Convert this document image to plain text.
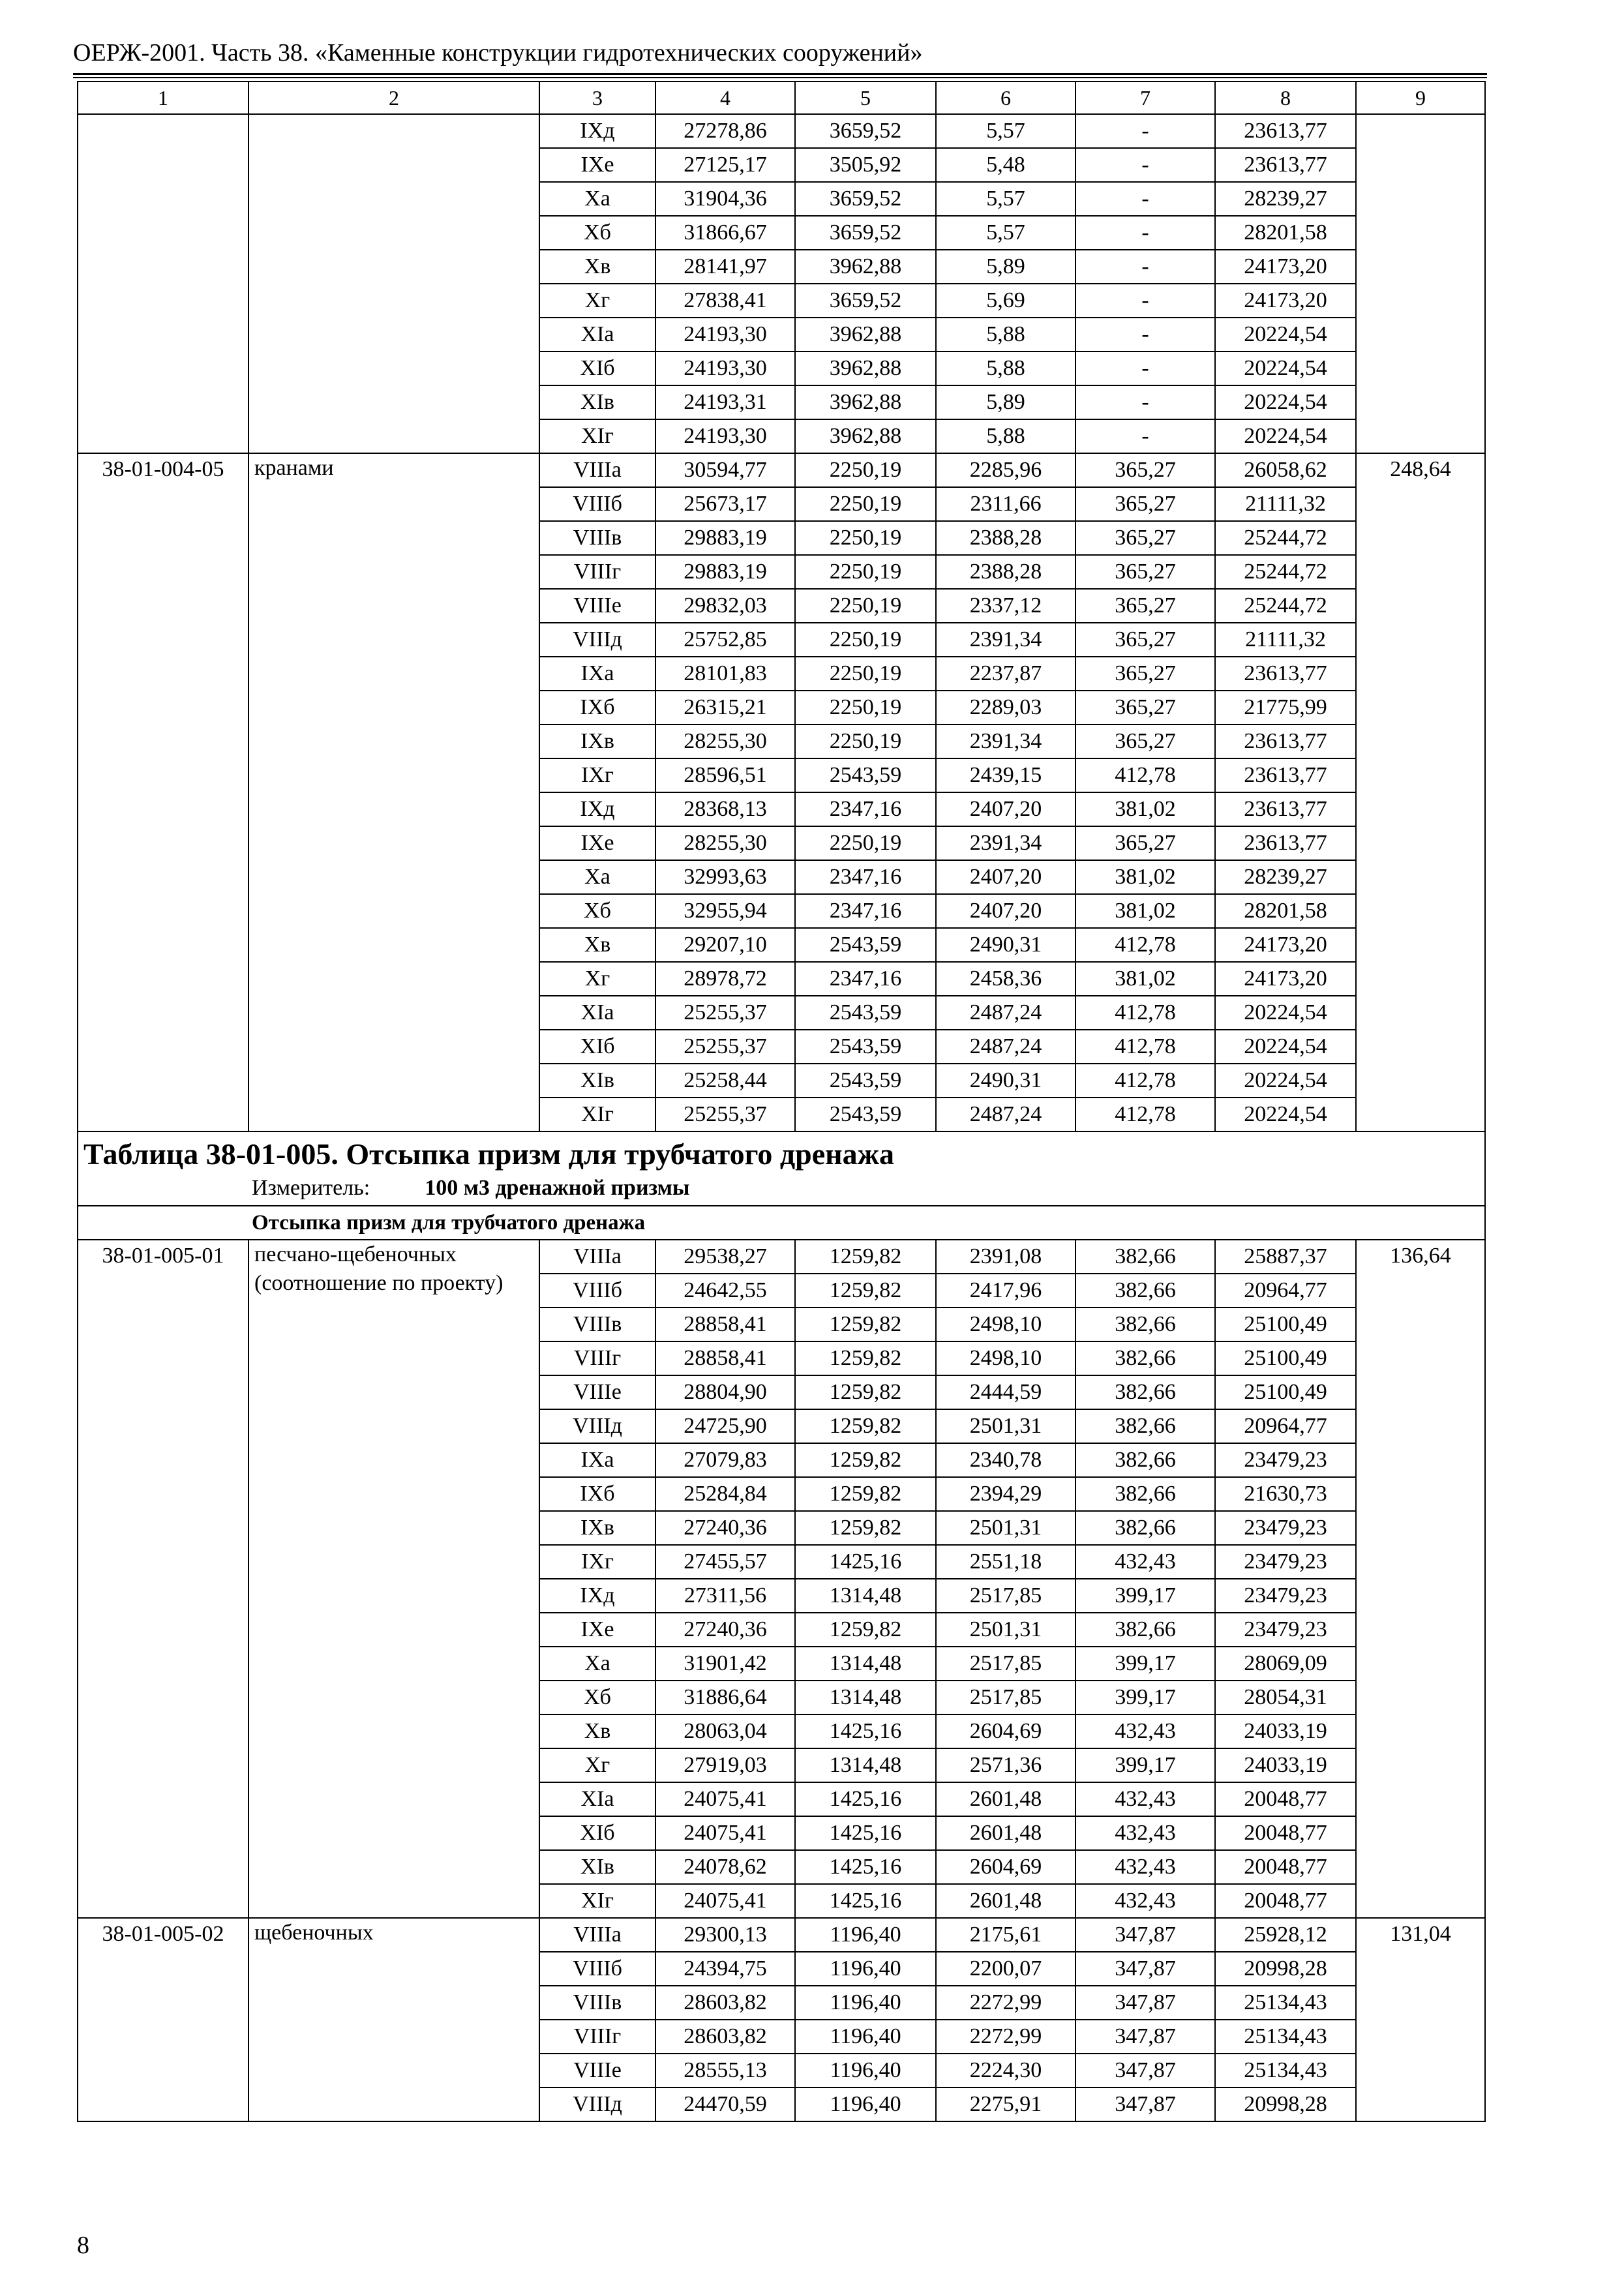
ОЕРЖ-2001. Часть 38. «Каменные конструкции гидротехнических сооружений»
1	2	3	4	5	6	7	8	9
		IXд	27278,86	3659,52	5,57	-	23613,77	
		IXe	27125,17	3505,92	5,48	-	23613,77	
		Xa	31904,36	3659,52	5,57	-	28239,27	
		Xб	31866,67	3659,52	5,57	-	28201,58	
		Xв	28141,97	3962,88	5,89	-	24173,20	
		Xг	27838,41	3659,52	5,69	-	24173,20	
		XIa	24193,30	3962,88	5,88	-	20224,54	
		XIб	24193,30	3962,88	5,88	-	20224,54	
		XIв	24193,31	3962,88	5,89	-	20224,54	
		XIг	24193,30	3962,88	5,88	-	20224,54	
38-01-004-05	кранами	VIIIa	30594,77	2250,19	2285,96	365,27	26058,62	248,64
		VIIIб	25673,17	2250,19	2311,66	365,27	21111,32	
		VIIIв	29883,19	2250,19	2388,28	365,27	25244,72	
		VIIIг	29883,19	2250,19	2388,28	365,27	25244,72	
		VIIIe	29832,03	2250,19	2337,12	365,27	25244,72	
		VIIIд	25752,85	2250,19	2391,34	365,27	21111,32	
		IXa	28101,83	2250,19	2237,87	365,27	23613,77	
		IXб	26315,21	2250,19	2289,03	365,27	21775,99	
		IXв	28255,30	2250,19	2391,34	365,27	23613,77	
		IXг	28596,51	2543,59	2439,15	412,78	23613,77	
		IXд	28368,13	2347,16	2407,20	381,02	23613,77	
		IXe	28255,30	2250,19	2391,34	365,27	23613,77	
		Xa	32993,63	2347,16	2407,20	381,02	28239,27	
		Xб	32955,94	2347,16	2407,20	381,02	28201,58	
		Xв	29207,10	2543,59	2490,31	412,78	24173,20	
		Xг	28978,72	2347,16	2458,36	381,02	24173,20	
		XIa	25255,37	2543,59	2487,24	412,78	20224,54	
		XIб	25255,37	2543,59	2487,24	412,78	20224,54	
		XIв	25258,44	2543,59	2490,31	412,78	20224,54	
		XIг	25255,37	2543,59	2487,24	412,78	20224,54	

Таблица 38-01-005. Отсыпка призм для трубчатого дренажа
Измеритель: 100 м3 дренажной призмы								

Отсыпка призм для трубчатого дренажа								
38-01-005-01	песчано-щебеночных (соотношение по проекту)	VIIIa	29538,27	1259,82	2391,08	382,66	25887,37	136,64
		VIIIб	24642,55	1259,82	2417,96	382,66	20964,77	
		VIIIв	28858,41	1259,82	2498,10	382,66	25100,49	
		VIIIг	28858,41	1259,82	2498,10	382,66	25100,49	
		VIIIe	28804,90	1259,82	2444,59	382,66	25100,49	
		VIIIд	24725,90	1259,82	2501,31	382,66	20964,77	
		IXa	27079,83	1259,82	2340,78	382,66	23479,23	
		IXб	25284,84	1259,82	2394,29	382,66	21630,73	
		IXв	27240,36	1259,82	2501,31	382,66	23479,23	
		IXг	27455,57	1425,16	2551,18	432,43	23479,23	
		IXд	27311,56	1314,48	2517,85	399,17	23479,23	
		IXe	27240,36	1259,82	2501,31	382,66	23479,23	
		Xa	31901,42	1314,48	2517,85	399,17	28069,09	
		Xб	31886,64	1314,48	2517,85	399,17	28054,31	
		Xв	28063,04	1425,16	2604,69	432,43	24033,19	
		Xг	27919,03	1314,48	2571,36	399,17	24033,19	
		XIa	24075,41	1425,16	2601,48	432,43	20048,77	
		XIб	24075,41	1425,16	2601,48	432,43	20048,77	
		XIв	24078,62	1425,16	2604,69	432,43	20048,77	
		XIг	24075,41	1425,16	2601,48	432,43	20048,77	
38-01-005-02	щебеночных	VIIIa	29300,13	1196,40	2175,61	347,87	25928,12	131,04
		VIIIб	24394,75	1196,40	2200,07	347,87	20998,28	
		VIIIв	28603,82	1196,40	2272,99	347,87	25134,43	
		VIIIг	28603,82	1196,40	2272,99	347,87	25134,43	
		VIIIe	28555,13	1196,40	2224,30	347,87	25134,43	
		VIIIд	24470,59	1196,40	2275,91	347,87	20998,28	
8
